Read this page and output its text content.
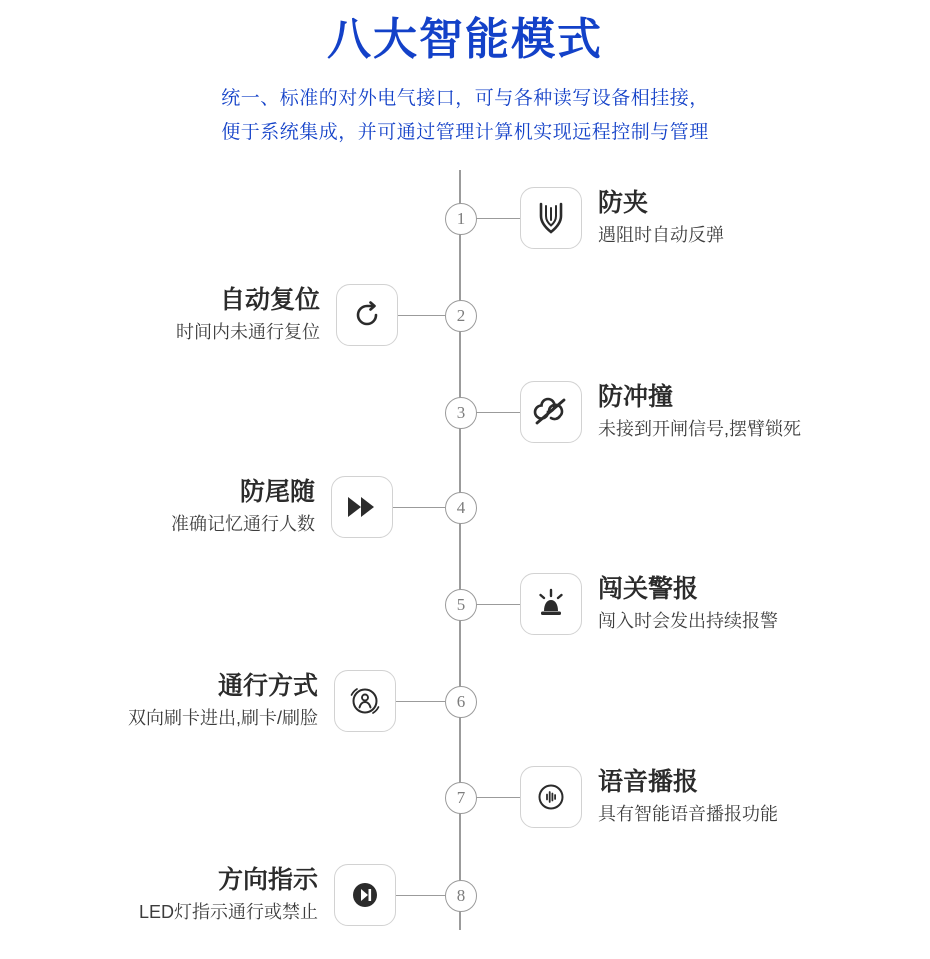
八大智能模式
统一、标准的对外电气接口，可与各种读写设备相挂接，
便于系统集成，并可通过管理计算机实现远程控制与管理
1
防夹
遇阻时自动反弹
2
自动复位
时间内未通行复位
3
防冲撞
未接到开闸信号,摆臂锁死
4
防尾随
准确记忆通行人数
5
闯关警报
闯入时会发出持续报警
6
通行方式
双向刷卡进出,刷卡/刷脸
7
语音播报
具有智能语音播报功能
8
方向指示
LED灯指示通行或禁止
